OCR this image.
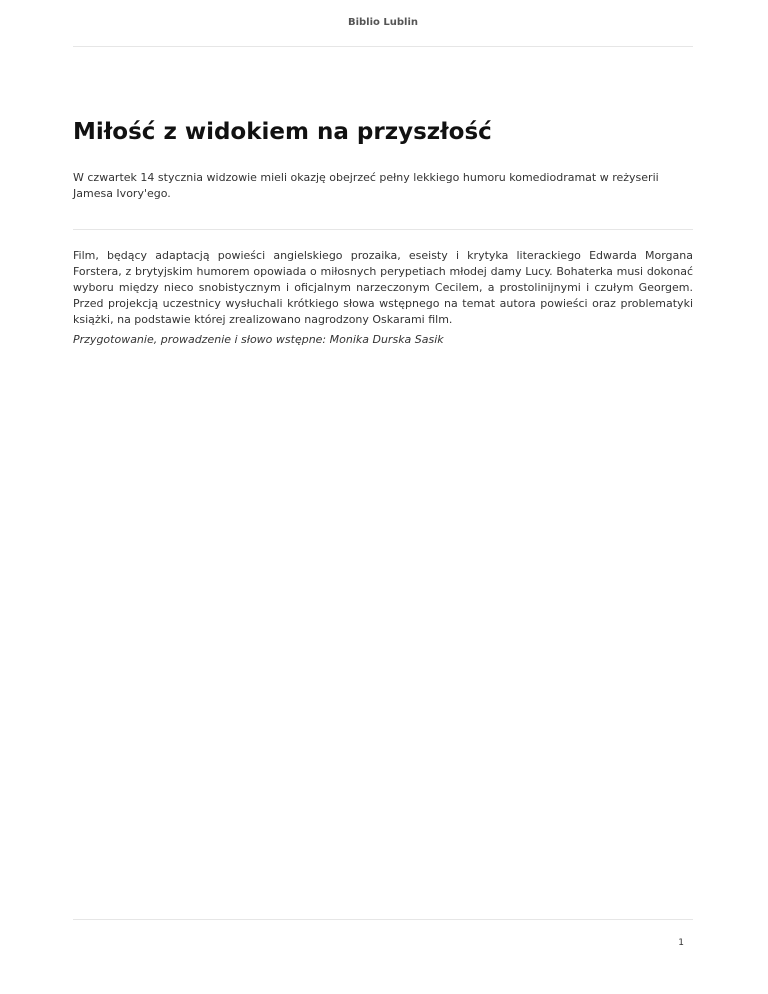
Biblio Lublin
Miłość z widokiem na przyszłość

W czwartek 14 stycznia widzowie mieli okazję obejrzeć pełny lekkiego humoru komediodramat w reżyserii Jamesa Ivory'ego.

Film, będący adaptacją powieści angielskiego prozaika, eseisty i krytyka literackiego Edwarda Morgana Forstera, z brytyjskim humorem opowiada o miłosnych perypetiach młodej damy Lucy. Bohaterka musi dokonać wyboru między nieco snobistycznym i oficjalnym narzeczonym Cecilem, a prostolinijnymi i czułym Georgem. Przed projekcją uczestnicy wysłuchali krótkiego słowa wstępnego na temat autora powieści oraz problematyki książki, na podstawie której zrealizowano nagrodzony Oskarami film.

Przygotowanie, prowadzenie i słowo wstępne: Monika Durska Sasik

1
